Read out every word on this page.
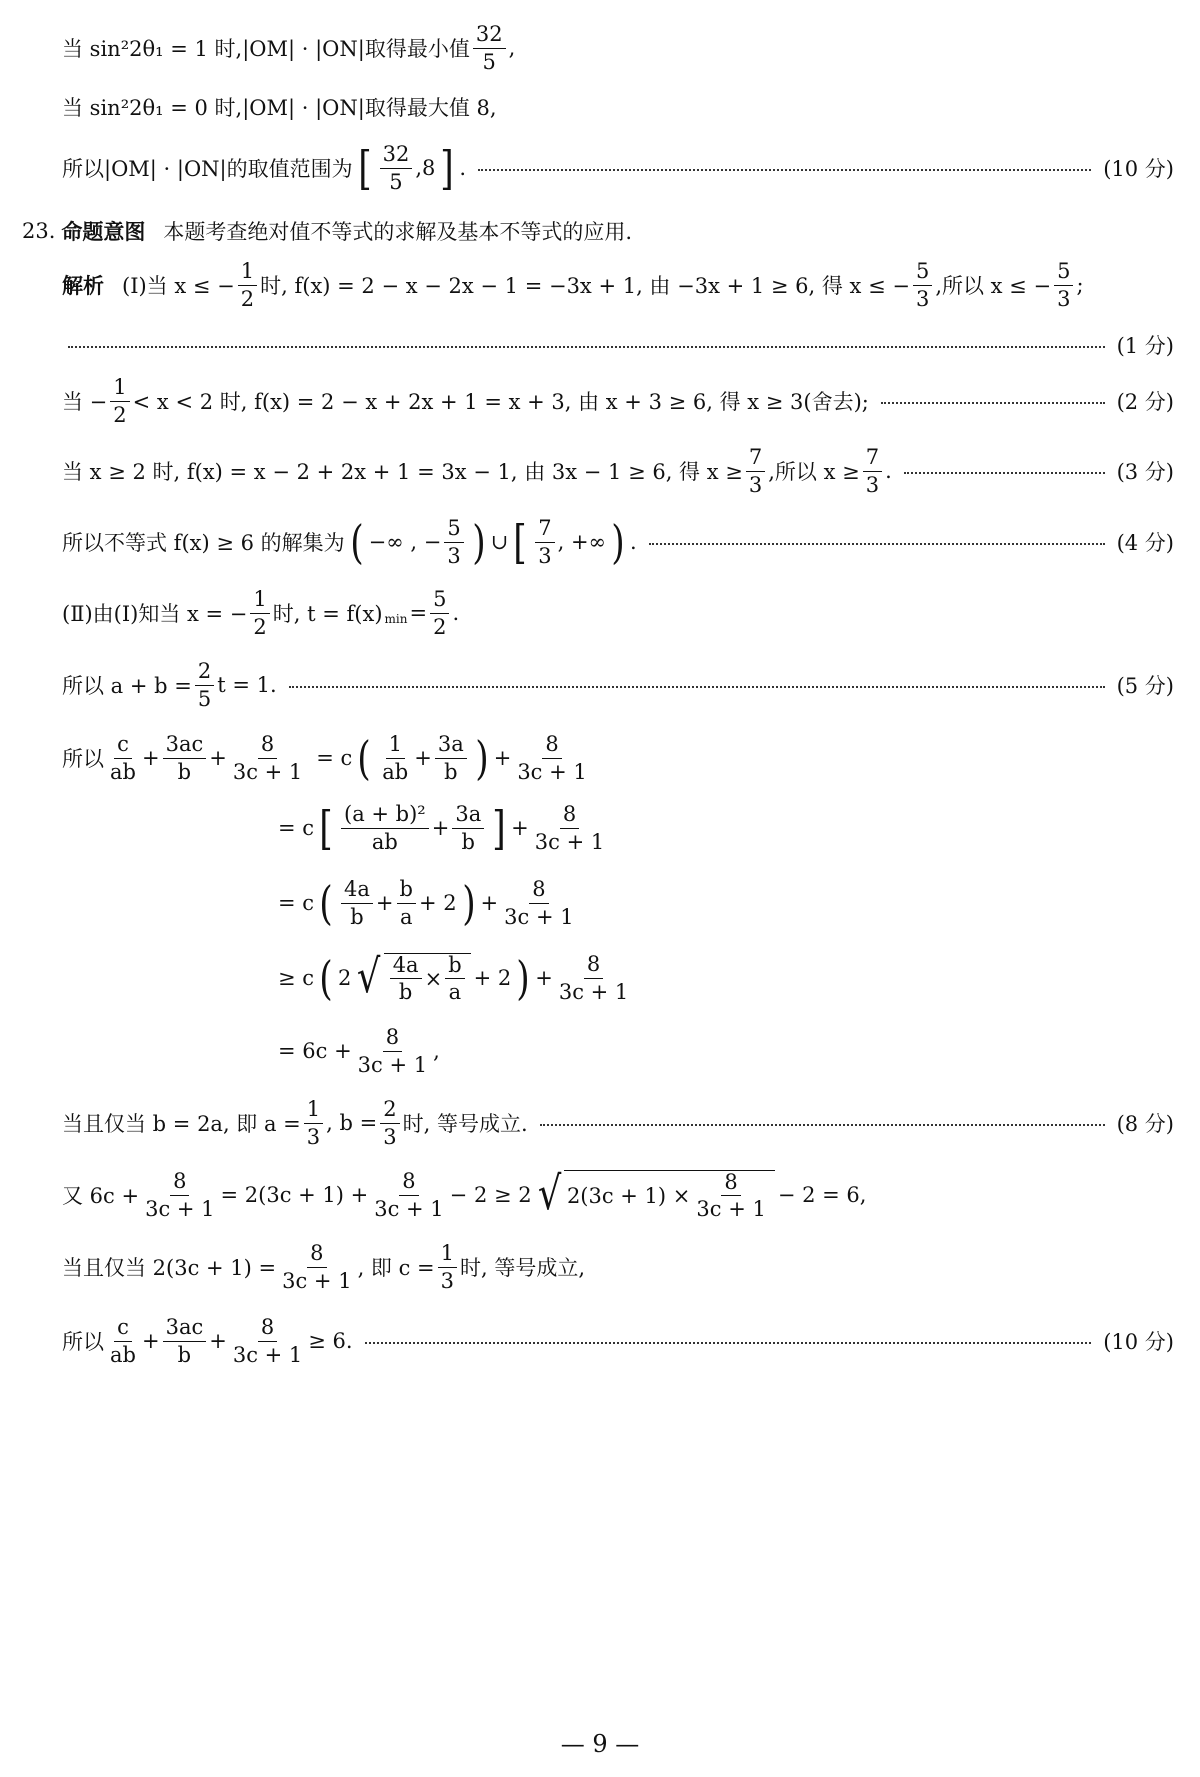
当 sin²2θ₁ = 1 时,|OM| · |ON|取得最小值 $\frac{32}{5}$ ,
当 sin²2θ₁ = 0 时,|OM| · |ON|取得最大值 8,
所以|OM| · |ON|的取值范围为 [ $\frac{32}{5} ,8$ ] .	(10 分)
23. 命题意图 本题考查绝对值不等式的求解及基本不等式的应用.
解析 (Ⅰ)当 x ≤ − $\frac{1}{2}$ 时, f(x) = 2 − x − 2x − 1 = −3x + 1, 由 −3x + 1 ≥ 6, 得 x ≤ − $\frac{5}{3}$ ,所以 x ≤ − $\frac{5}{3}$ ;
(1 分)
当 − $\frac{1}{2} < x < 2$ 时, f(x) = 2 − x + 2x + 1 = x + 3, 由 x + 3 ≥ 6, 得 x ≥ 3(舍去);	(2 分)
当 x ≥ 2 时, f(x) = x − 2 + 2x + 1 = 3x − 1, 由 3x − 1 ≥ 6, 得 $x \ge \frac{7}{3}$ ,所以 $x \ge \frac{7}{3}$ .	(3 分)
所以不等式 f(x) ≥ 6 的解集为 ( −∞ , − $\frac{5}{3}$ ) ∪ [ $\frac{7}{3}$ , +∞ ) .	(4 分)
(Ⅱ)由(Ⅰ)知当 x = − $\frac{1}{2}$ 时, t = f(x) $\min = \frac{5}{2}$ .
所以 $a + b = \frac{2}{5}$ t = 1.	(5 分)
所以 $\frac{c}{ab} + \frac{3ac}{b} + \frac{8}{3c + 1} = c$ ( $\frac{1}{ab} + \frac{3a}{b}$ ) + $\frac{8}{3c + 1}$
= c [ $\frac{\text{(a + b)²}}{ab} + \frac{3a}{b}$ ] + $\frac{8}{3c + 1}$
= c ( $\frac{4a}{b} + \frac{b}{a} + 2$ ) + $\frac{8}{3c + 1}$
≥ c ( 2 √ $\frac{4a}{b} \times \frac{b}{a} + 2$ ) + $\frac{8}{3c + 1}$
= $6c + \frac{8}{3c + 1}$ ,
当且仅当 b = 2a, 即 $a = \frac{1}{3}$ , $b = \frac{2}{3}$ 时, 等号成立.	(8 分)
又 $6c + \frac{8}{3c + 1} = 2(3c + 1) + \frac{8}{3c + 1} - 2 \ge 2$ √ $2(3c + 1) \times \frac{8}{3c + 1} - 2 = 6$,
当且仅当 $2(3c + 1) = \frac{8}{3c + 1}$ , 即 $c = \frac{1}{3}$ 时, 等号成立,
所以 $\frac{c}{ab} + \frac{3ac}{b} + \frac{8}{3c + 1} \ge 6$.	(10 分)
— 9 —
